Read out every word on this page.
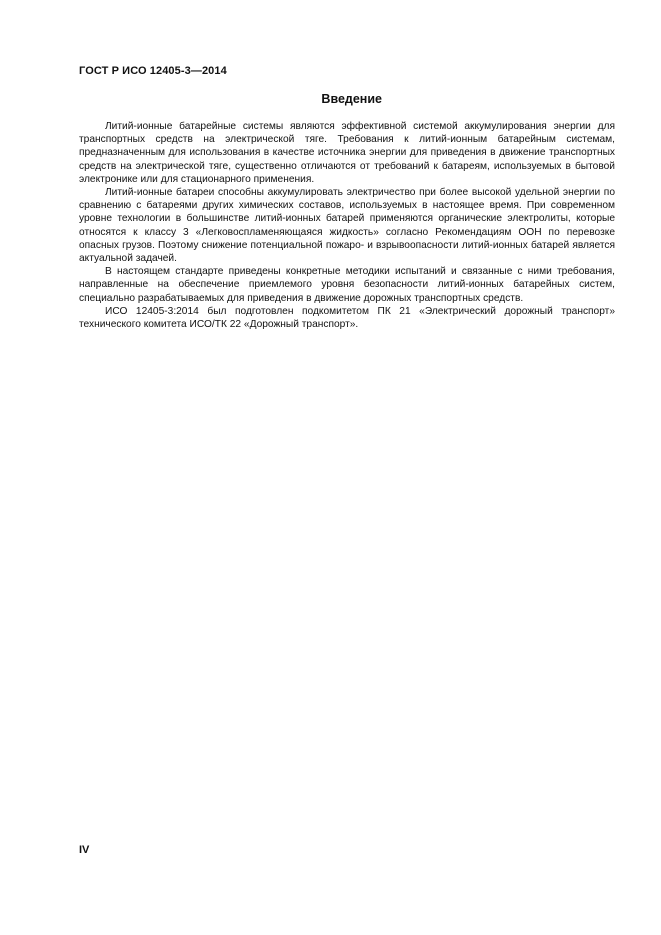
ГОСТ Р ИСО 12405-3—2014
Введение

Литий-ионные батарейные системы являются эффективной системой аккумулирования энергии для транспортных средств на электрической тяге. Требования к литий-ионным батарейным системам, предназначенным для использования в качестве источника энергии для приведения в движение транспортных средств на электрической тяге, существенно отличаются от требований к батареям, используемых в бытовой электронике или для стационарного применения.

Литий-ионные батареи способны аккумулировать электричество при более высокой удельной энергии по сравнению с батареями других химических составов, используемых в настоящее время. При современном уровне технологии в большинстве литий-ионных батарей применяются органические электролиты, которые относятся к классу 3 «Легковоспламеняющаяся жидкость» согласно Рекомендациям ООН по перевозке опасных грузов. Поэтому снижение потенциальной пожаро- и взрывоопасности литий-ионных батарей является актуальной задачей.

В настоящем стандарте приведены конкретные методики испытаний и связанные с ними требования, направленные на обеспечение приемлемого уровня безопасности литий-ионных батарейных систем, специально разрабатываемых для приведения в движение дорожных транспортных средств.

ИСО 12405-3:2014 был подготовлен подкомитетом ПК 21 «Электрический дорожный транспорт» технического комитета ИСО/ТК 22 «Дорожный транспорт».

IV
